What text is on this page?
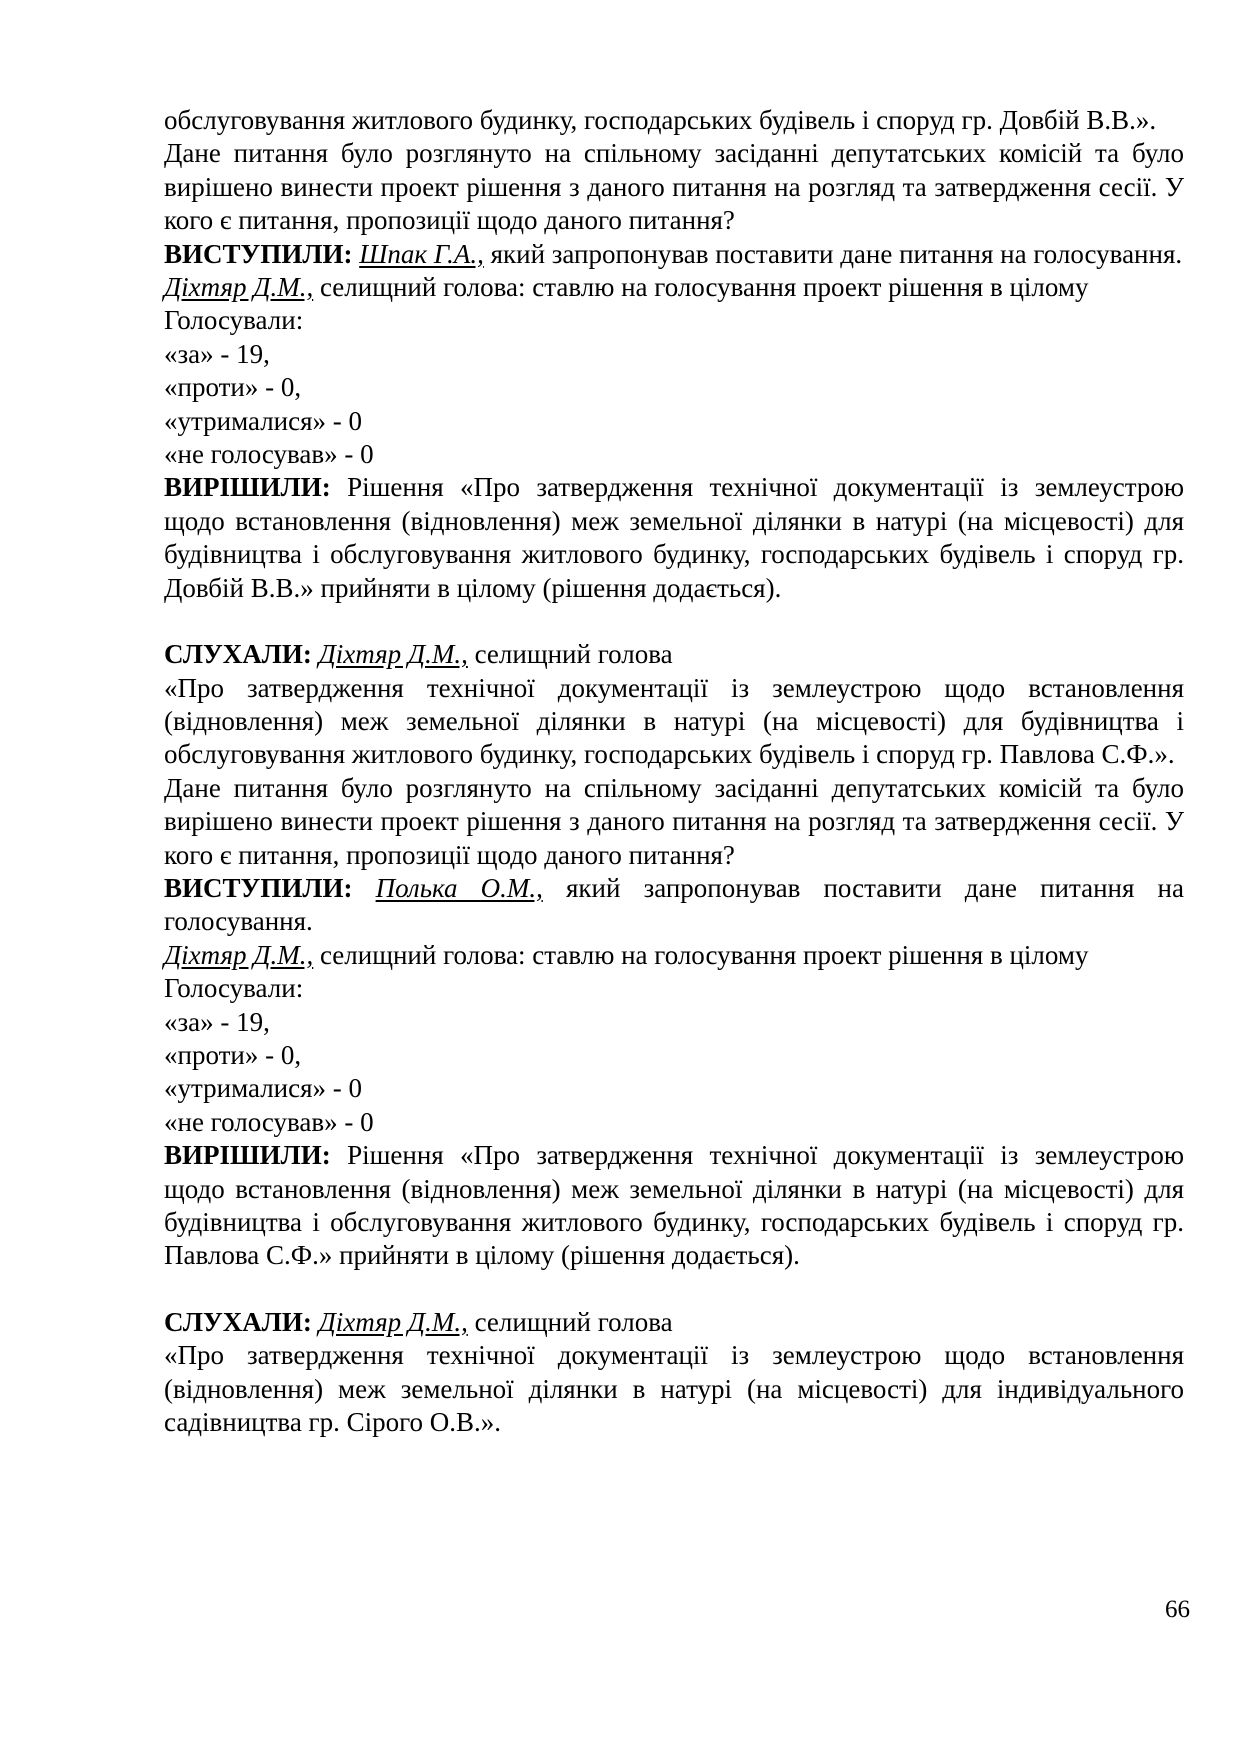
обслуговування житлового будинку, господарських будівель і споруд гр. Довбій В.В.».

Дане питання було розглянуто на спільному засіданні депутатських комісій та було вирішено винести проект рішення з даного питання на розгляд та затвердження сесії. У кого є питання, пропозиції щодо даного питання?

ВИСТУПИЛИ: Шпак Г.А., який запропонував поставити дане питання на голосування.

Діхтяр Д.М., селищний голова: ставлю на голосування проект рішення в цілому

Голосували:

«за» - 19,

«проти» - 0,

«утрималися» - 0

«не голосував» - 0

ВИРІШИЛИ: Рішення «Про затвердження технічної документації із землеустрою щодо встановлення (відновлення) меж земельної ділянки в натурі (на місцевості) для будівництва і обслуговування житлового будинку, господарських будівель і споруд гр. Довбій В.В.» прийняти в цілому (рішення додається).

СЛУХАЛИ: Діхтяр Д.М., селищний голова

«Про затвердження технічної документації із землеустрою щодо встановлення (відновлення) меж земельної ділянки в натурі (на місцевості) для будівництва і обслуговування житлового будинку, господарських будівель і споруд гр. Павлова С.Ф.».

Дане питання було розглянуто на спільному засіданні депутатських комісій та було вирішено винести проект рішення з даного питання на розгляд та затвердження сесії. У кого є питання, пропозиції щодо даного питання?

ВИСТУПИЛИ: Полька О.М., який запропонував поставити дане питання на голосування.

Діхтяр Д.М., селищний голова: ставлю на голосування проект рішення в цілому

Голосували:

«за» - 19,

«проти» - 0,

«утрималися» - 0

«не голосував» - 0

ВИРІШИЛИ: Рішення «Про затвердження технічної документації із землеустрою щодо встановлення (відновлення) меж земельної ділянки в натурі (на місцевості) для будівництва і обслуговування житлового будинку, господарських будівель і споруд гр. Павлова С.Ф.» прийняти в цілому (рішення додається).

СЛУХАЛИ: Діхтяр Д.М., селищний голова

«Про затвердження технічної документації із землеустрою щодо встановлення (відновлення) меж земельної ділянки в натурі (на місцевості) для індивідуального садівництва гр. Сірого О.В.».

66
